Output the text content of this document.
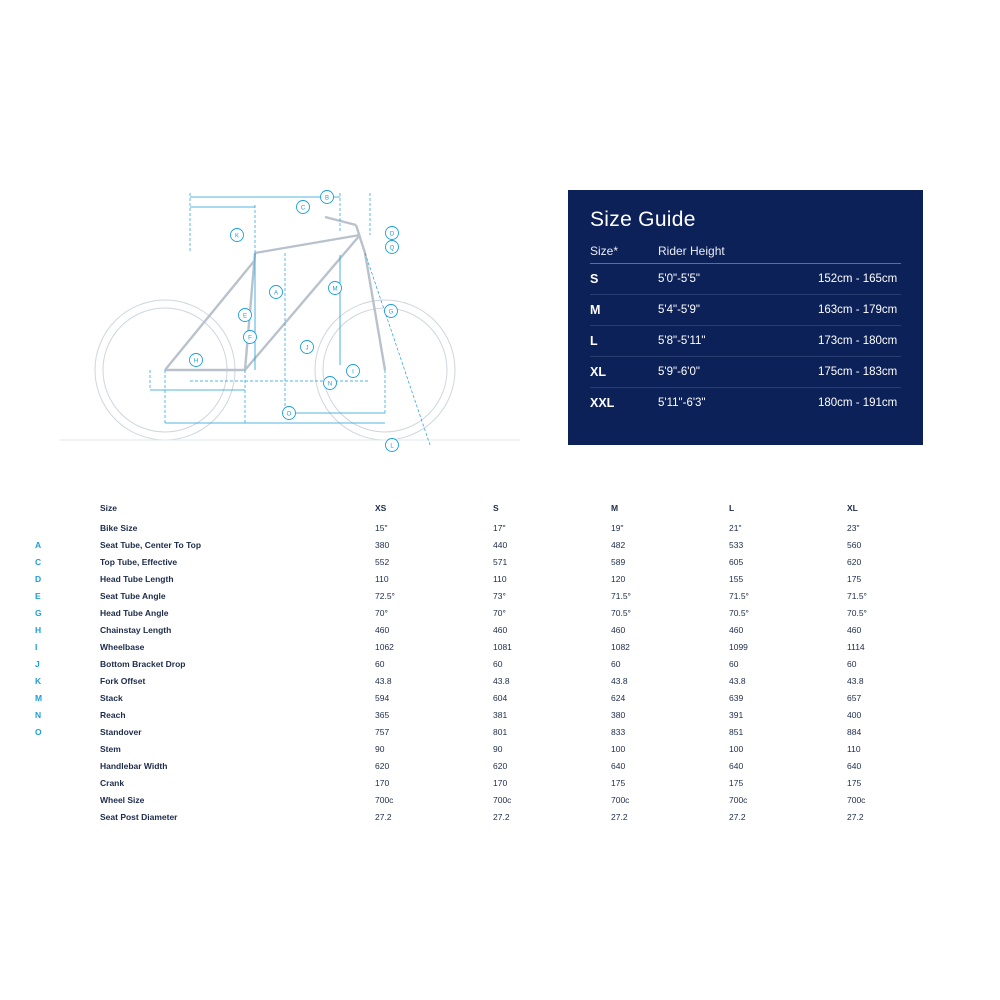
B
C
K	D
Q
A
M
E
F
G
J
H
N
O
I
L
Size Guide
Size*	Rider Height	
S	5'0"-5'5"	152cm - 165cm
M	5'4"-5'9"	163cm - 179cm
L	5'8"-5'11"	173cm - 180cm
XL	5'9"-6'0"	175cm - 183cm
XXL	5'11"-6'3"	180cm - 191cm
	Size	XS	S	M	L	XL
	Bike Size	15"	17"	19"	21"	23"
A	Seat Tube, Center To Top	380	440	482	533	560
C	Top Tube, Effective	552	571	589	605	620
D	Head Tube Length	110	110	120	155	175
E	Seat Tube Angle	72.5°	73°	71.5°	71.5°	71.5°
G	Head Tube Angle	70°	70°	70.5°	70.5°	70.5°
H	Chainstay Length	460	460	460	460	460
I	Wheelbase	1062	1081	1082	1099	1114
J	Bottom Bracket Drop	60	60	60	60	60
K	Fork Offset	43.8	43.8	43.8	43.8	43.8
M	Stack	594	604	624	639	657
N	Reach	365	381	380	391	400
O	Standover	757	801	833	851	884
	Stem	90	90	100	100	110
	Handlebar Width	620	620	640	640	640
	Crank	170	170	175	175	175
	Wheel Size	700c	700c	700c	700c	700c
	Seat Post Diameter	27.2	27.2	27.2	27.2	27.2
